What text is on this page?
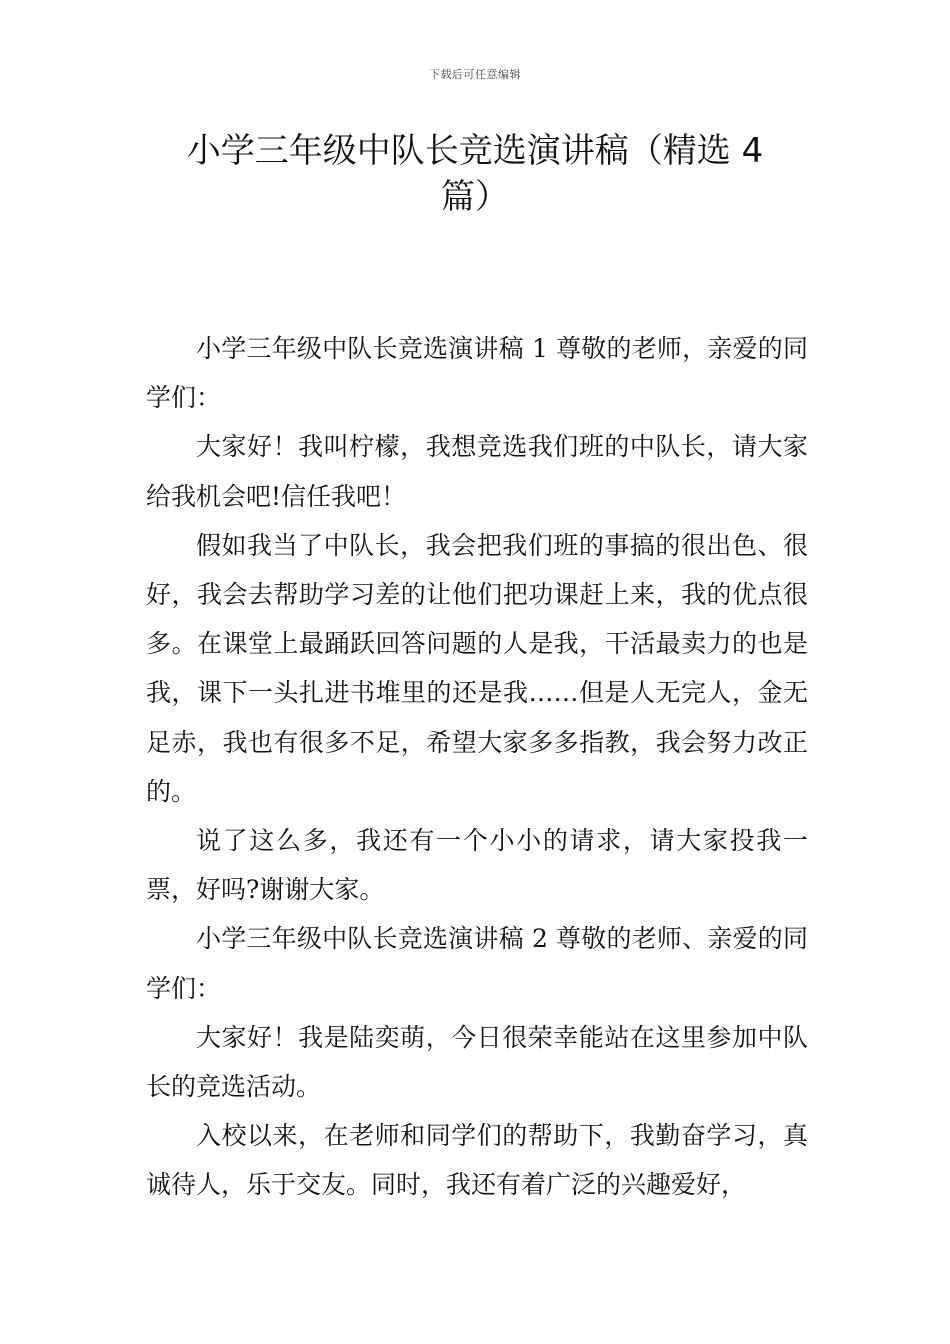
下载后可任意编辑
小学三年级中队长竞选演讲稿（精选 4 篇）

小学三年级中队长竞选演讲稿 1 尊敬的老师，亲爱的同学们：

大家好！我叫柠檬，我想竞选我们班的中队长，请大家给我机会吧!信任我吧！

假如我当了中队长，我会把我们班的事搞的很出色、很好，我会去帮助学习差的让他们把功课赶上来，我的优点很多。在课堂上最踊跃回答问题的人是我，干活最卖力的也是我，课下一头扎进书堆里的还是我……但是人无完人，金无足赤，我也有很多不足，希望大家多多指教，我会努力改正的。

说了这么多，我还有一个小小的请求，请大家投我一票，好吗?谢谢大家。

小学三年级中队长竞选演讲稿 2 尊敬的老师、亲爱的同学们：

大家好！我是陆奕萌，今日很荣幸能站在这里参加中队长的竞选活动。

入校以来，在老师和同学们的帮助下，我勤奋学习，真诚待人，乐于交友。同时，我还有着广泛的兴趣爱好，
